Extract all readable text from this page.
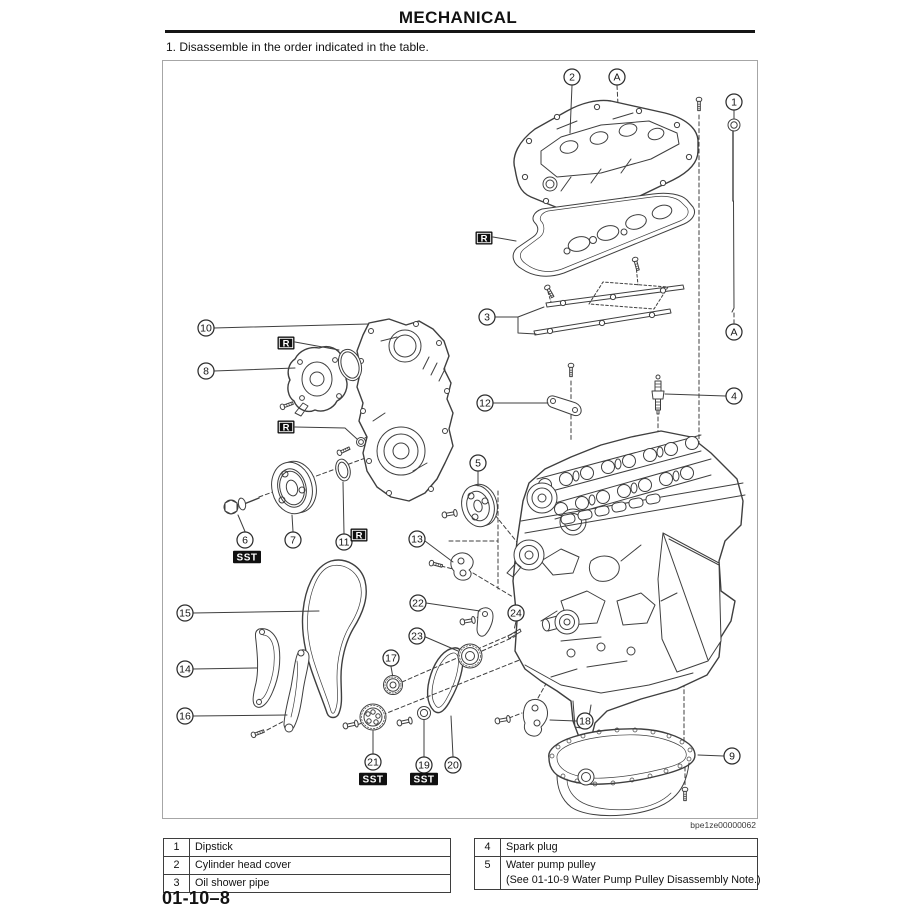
MECHANICAL
1. Disassemble in the order indicated in the table.
2	A
1
3
A
10
8
12
4
5
6	7	11	13
15
22
24
23
14
17
16	18
21	19 20
9
R
R
R
R
SST
SST	SST
bpe1ze00000062
1	Dipstick
2	Cylinder head cover
3	Oil shower pipe
4	Spark plug
5	Water pump pulley
(See 01-10-9 Water Pump Pulley Disassembly Note.)
01-10–8
